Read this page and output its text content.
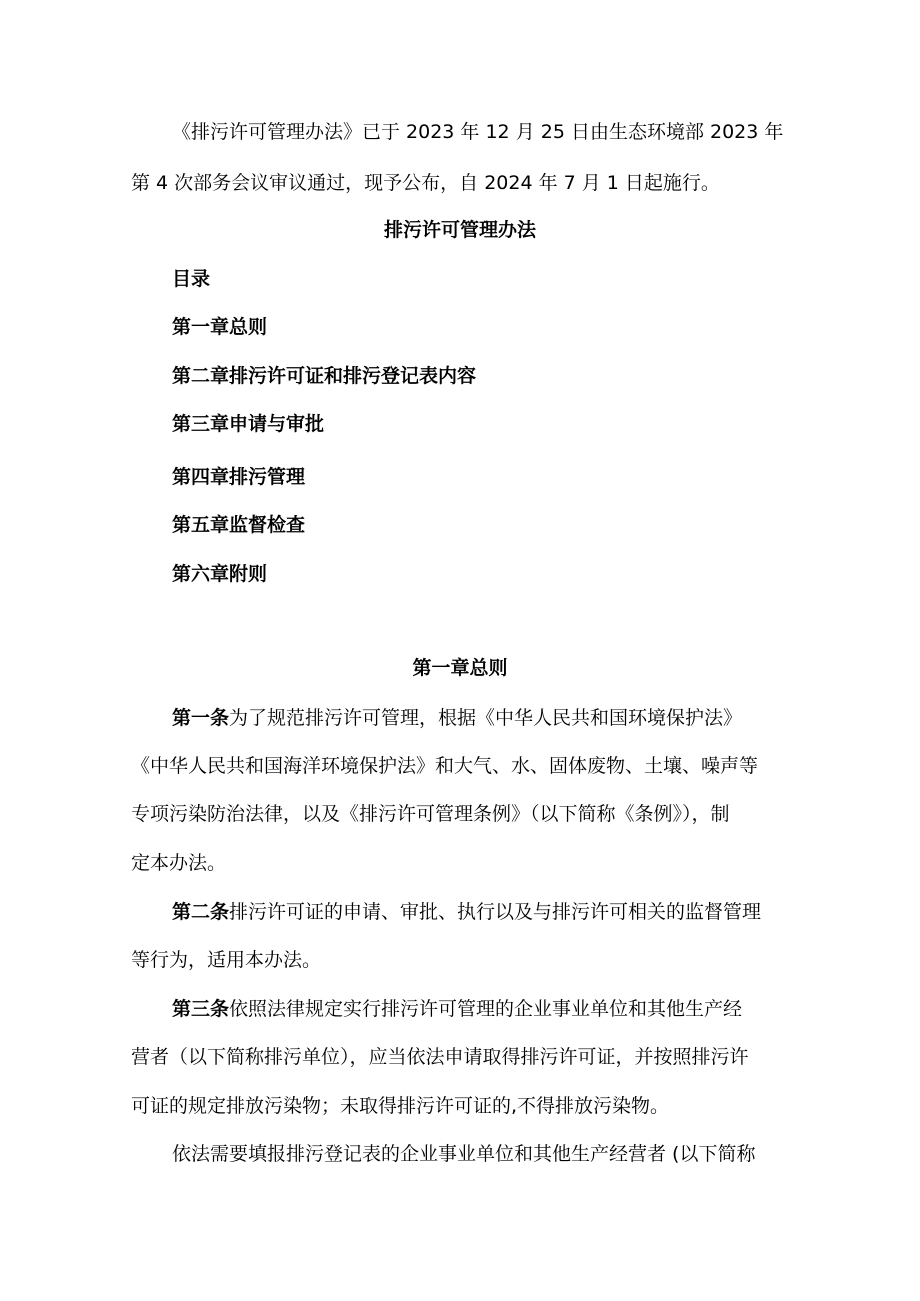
《排污许可管理办法》已于 2023 年 12 月 25 日由生态环境部 2023 年

第 4 次部务会议审议通过，现予公布，自 2024 年 7 月 1 日起施行。

排污许可管理办法

目录

第一章总则

第二章排污许可证和排污登记表内容

第三章申请与审批

第四章排污管理

第五章监督检查

第六章附则

第一章总则

第一条为了规范排污许可管理，根据《中华人民共和国环境保护法》

《中华人民共和国海洋环境保护法》和大气、水、固体废物、土壤、噪声等

专项污染防治法律，以及《排污许可管理条例》（以下简称《条例》），制

定本办法。

第二条排污许可证的申请、审批、执行以及与排污许可相关的监督管理

等行为，适用本办法。

第三条依照法律规定实行排污许可管理的企业事业单位和其他生产经

营者（以下简称排污单位），应当依法申请取得排污许可证，并按照排污许

可证的规定排放污染物；未取得排污许可证的,不得排放污染物。

依法需要填报排污登记表的企业事业单位和其他生产经营者 (以下简称
